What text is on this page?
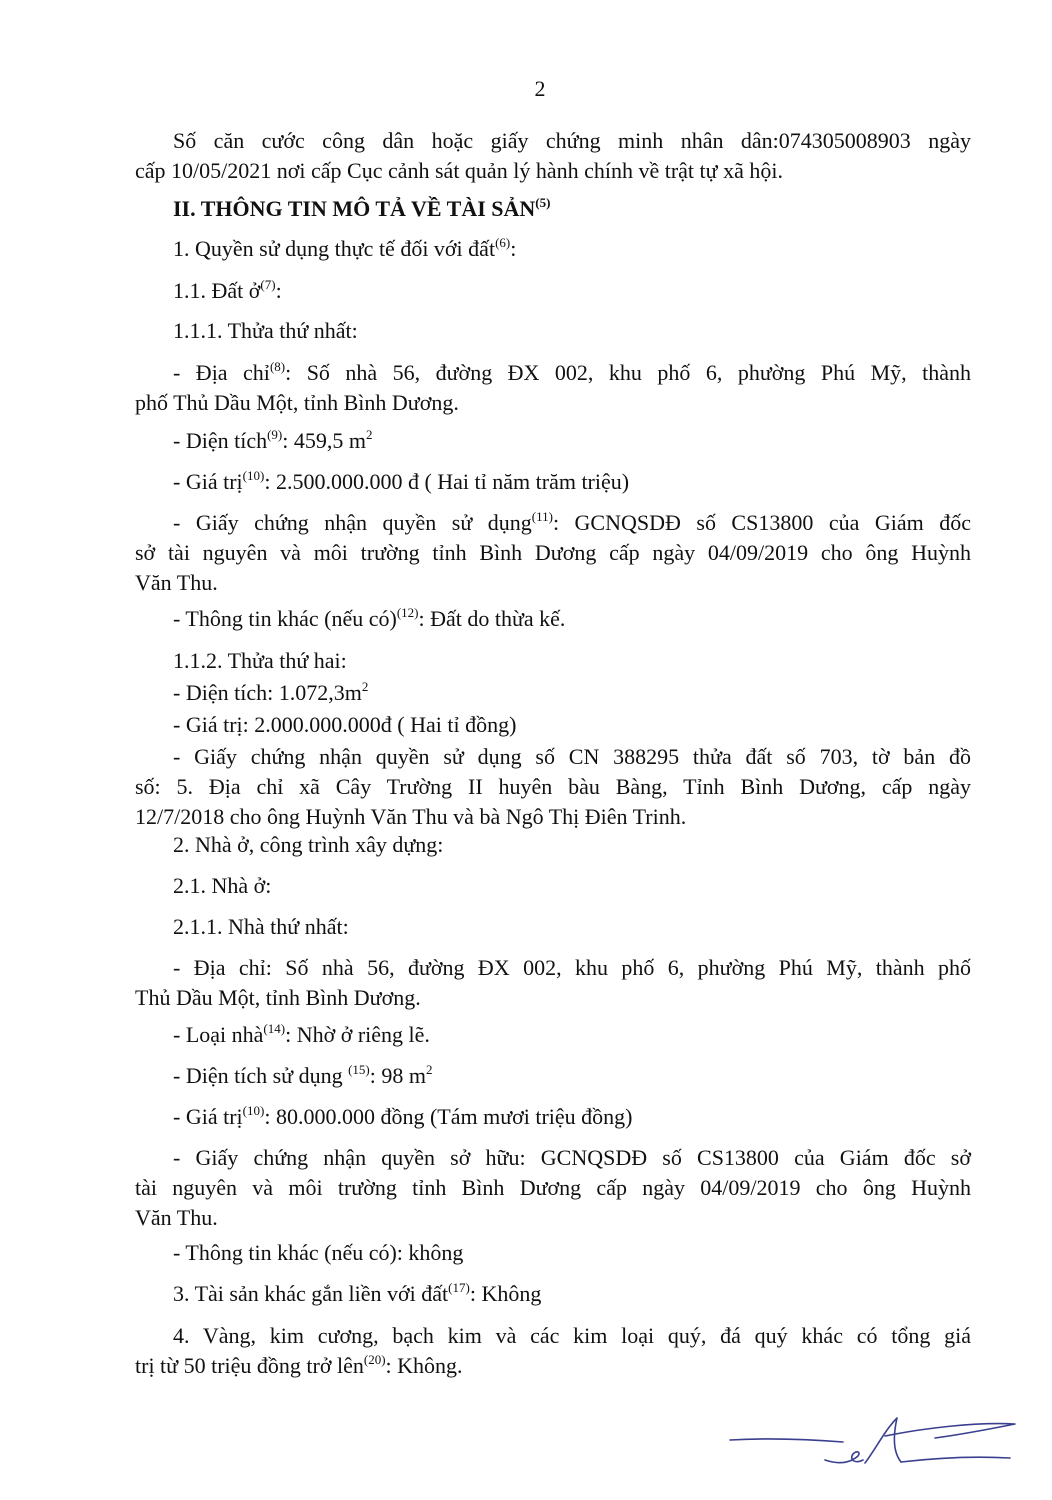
2

Số căn cước công dân hoặc giấy chứng minh nhân dân:074305008903 ngày

cấp 10/05/2021 nơi cấp Cục cảnh sát quản lý hành chính về trật tự xã hội.

II. THÔNG TIN MÔ TẢ VỀ TÀI SẢN$^{(5)}$

1. Quyền sử dụng thực tế đối với đất$^{(6)}$:

1.1. Đất ở$^{(7)}$:

1.1.1. Thửa thứ nhất:

- Địa chỉ$^{(8)}$: Số nhà 56, đường ĐX 002, khu phố 6, phường Phú Mỹ, thành

phố Thủ Dầu Một, tỉnh Bình Dương.

- Diện tích$^{(9)}$: 459,5 $m^2$

- Giá trị$^{(10)}$: 2.500.000.000 đ ( Hai tỉ năm trăm triệu)

- Giấy chứng nhận quyền sử dụng$^{(11)}$: GCNQSDĐ số CS13800 của Giám đốc

sở tài nguyên và môi trường tỉnh Bình Dương cấp ngày 04/09/2019 cho ông Huỳnh

Văn Thu.

- Thông tin khác (nếu có)$^{(12)}$: Đất do thừa kế.

1.1.2. Thửa thứ hai:

- Diện tích: $1.072,3m^2$

- Giá trị: 2.000.000.000đ ( Hai tỉ đồng)

- Giấy chứng nhận quyền sử dụng số CN 388295 thửa đất số 703, tờ bản đồ

số: 5. Địa chỉ xã Cây Trường II huyên bàu Bàng, Tỉnh Bình Dương, cấp ngày

12/7/2018 cho ông Huỳnh Văn Thu và bà Ngô Thị Điên Trinh.

2. Nhà ở, công trình xây dựng:

2.1. Nhà ở:

2.1.1. Nhà thứ nhất:

- Địa chỉ: Số nhà 56, đường ĐX 002, khu phố 6, phường Phú Mỹ, thành phố

Thủ Dầu Một, tỉnh Bình Dương.

- Loại nhà$^{(14)}$: Nhờ ở riêng lẽ.

- Diện tích sử dụng $^{(15)}$: 98 $m^2$

- Giá trị$^{(10)}$: 80.000.000 đồng (Tám mươi triệu đồng)

- Giấy chứng nhận quyền sở hữu: GCNQSDĐ số CS13800 của Giám đốc sở

tài nguyên và môi trường tỉnh Bình Dương cấp ngày 04/09/2019 cho ông Huỳnh

Văn Thu.

- Thông tin khác (nếu có): không

3. Tài sản khác gắn liền với đất$^{(17)}$: Không

4. Vàng, kim cương, bạch kim và các kim loại quý, đá quý khác có tổng giá

trị từ 50 triệu đồng trở lên$^{(20)}$: Không.
